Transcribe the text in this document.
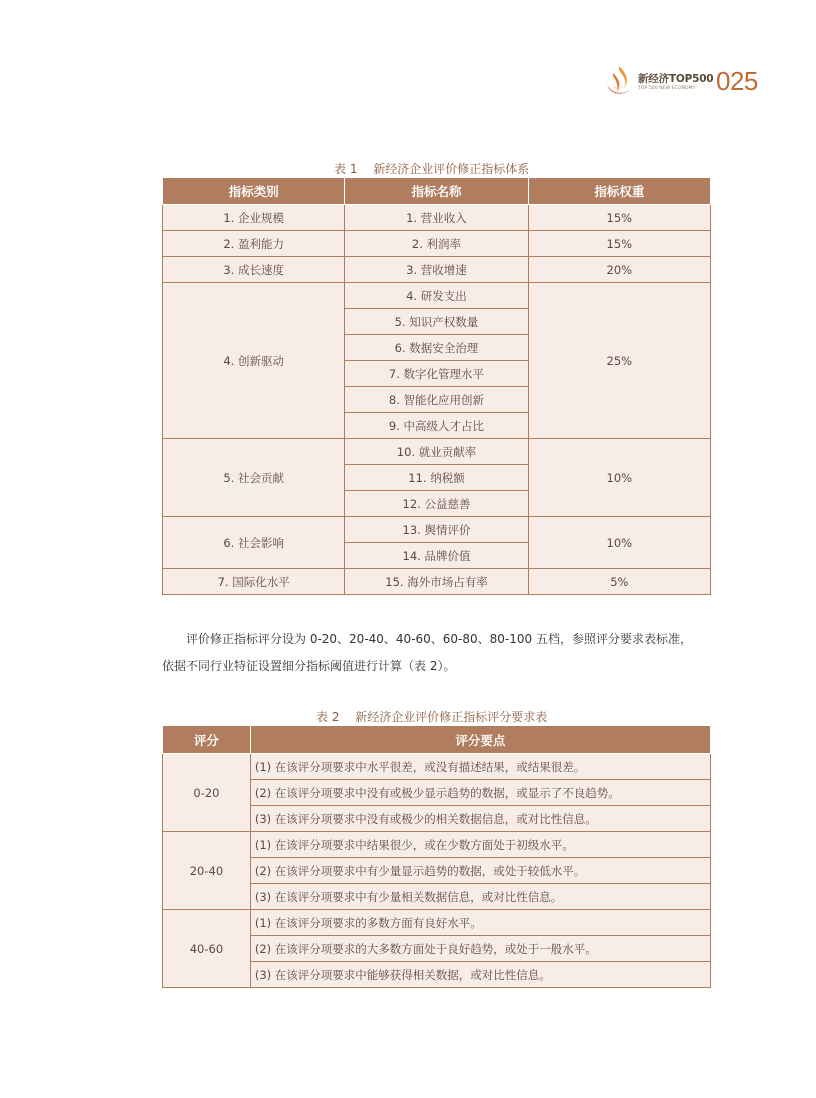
新经济TOP500
TOP 500 NEW ECONOMY 025
表 1 新经济企业评价修正指标体系
指标类别	指标名称	指标权重
1. 企业规模	1. 营业收入	15%
2. 盈利能力	2. 利润率	15%
3. 成长速度	3. 营收增速	20%
4. 创新驱动	4. 研发支出	25%
	5. 知识产权数量	
	6. 数据安全治理	
	7. 数字化管理水平	
	8. 智能化应用创新	
	9. 中高级人才占比	
5. 社会贡献	10. 就业贡献率	10%
	11. 纳税额	
	12. 公益慈善	
6. 社会影响	13. 舆情评价	10%
	14. 品牌价值	
7. 国际化水平	15. 海外市场占有率	5%
评价修正指标评分设为 0-20、20-40、40-60、60-80、80-100 五档，参照评分要求表标准，
依据不同行业特征设置细分指标阈值进行计算（表 2）。
表 2 新经济企业评价修正指标评分要求表
评分	评分要点
0-20	(1) 在该评分项要求中水平很差，或没有描述结果，或结果很差。
	(2) 在该评分项要求中没有或极少显示趋势的数据，或显示了不良趋势。
	(3) 在该评分项要求中没有或极少的相关数据信息，或对比性信息。
20-40	(1) 在该评分项要求中结果很少，或在少数方面处于初级水平。
	(2) 在该评分项要求中有少量显示趋势的数据，或处于较低水平。
	(3) 在该评分项要求中有少量相关数据信息，或对比性信息。
40-60	(1) 在该评分项要求的多数方面有良好水平。
	(2) 在该评分项要求的大多数方面处于良好趋势，或处于一般水平。
	(3) 在该评分项要求中能够获得相关数据，或对比性信息。
